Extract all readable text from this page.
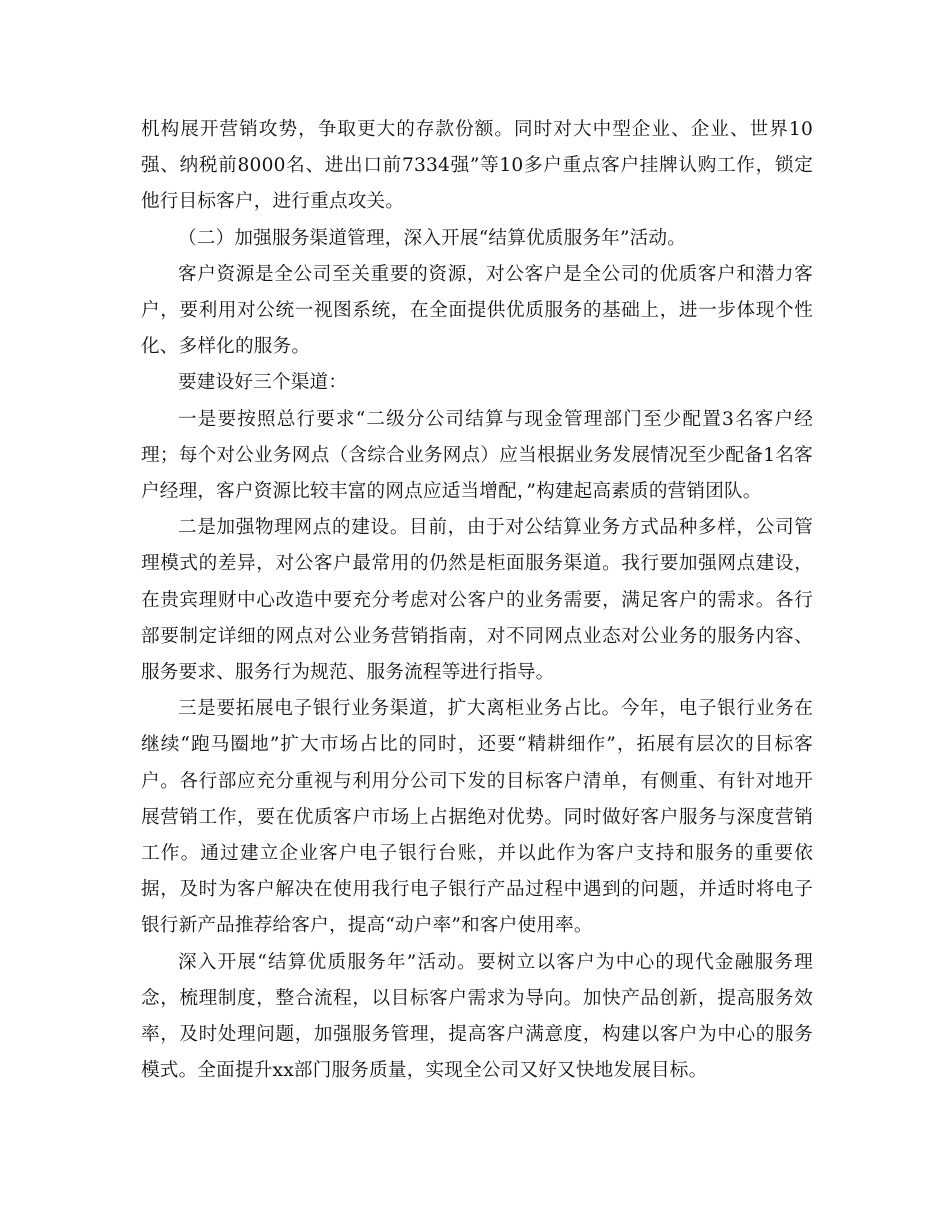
机构展开营销攻势，争取更大的存款份额。同时对大中型企业、企业、世界10强、纳税前8000名、进出口前7334强”等10多户重点客户挂牌认购工作，锁定他行目标客户，进行重点攻关。

（二）加强服务渠道管理，深入开展“结算优质服务年”活动。

客户资源是全公司至关重要的资源，对公客户是全公司的优质客户和潜力客户，要利用对公统一视图系统，在全面提供优质服务的基础上，进一步体现个性化、多样化的服务。

要建设好三个渠道：

一是要按照总行要求“二级分公司结算与现金管理部门至少配置3名客户经理；每个对公业务网点（含综合业务网点）应当根据业务发展情况至少配备1名客户经理，客户资源比较丰富的网点应适当增配，”构建起高素质的营销团队。

二是加强物理网点的建设。目前，由于对公结算业务方式品种多样，公司管理模式的差异，对公客户最常用的仍然是柜面服务渠道。我行要加强网点建设，在贵宾理财中心改造中要充分考虑对公客户的业务需要，满足客户的需求。各行部要制定详细的网点对公业务营销指南，对不同网点业态对公业务的服务内容、服务要求、服务行为规范、服务流程等进行指导。

三是要拓展电子银行业务渠道，扩大离柜业务占比。今年，电子银行业务在继续“跑马圈地”扩大市场占比的同时，还要“精耕细作”，拓展有层次的目标客户。各行部应充分重视与利用分公司下发的目标客户清单，有侧重、有针对地开展营销工作，要在优质客户市场上占据绝对优势。同时做好客户服务与深度营销工作。通过建立企业客户电子银行台账，并以此作为客户支持和服务的重要依据，及时为客户解决在使用我行电子银行产品过程中遇到的问题，并适时将电子银行新产品推荐给客户，提高“动户率”和客户使用率。

深入开展“结算优质服务年”活动。要树立以客户为中心的现代金融服务理念，梳理制度，整合流程，以目标客户需求为导向。加快产品创新，提高服务效率，及时处理问题，加强服务管理，提高客户满意度，构建以客户为中心的服务模式。全面提升xx部门服务质量，实现全公司又好又快地发展目标。
